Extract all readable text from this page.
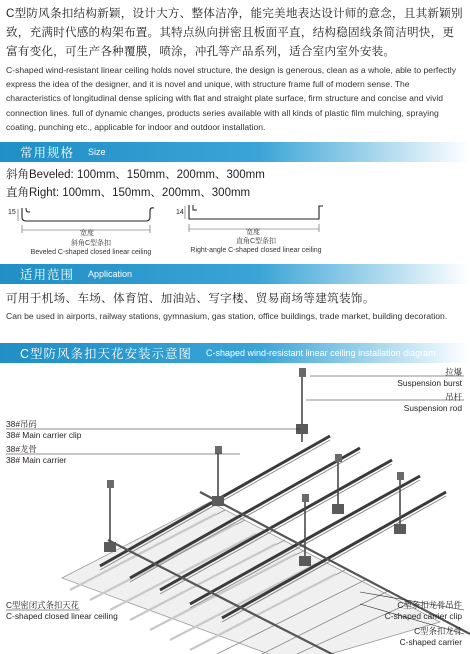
C型防风条扣结构新颖，设计大方、整体洁净，能完美地表达设计师的意念，且其新颖别致，充满时代感的构架布置。其特点纵向拼密且板面平直，结构稳固线条简洁明快，更富有变化，可生产各种覆膜，喷涂，冲孔等产品系列，适合室内室外安装。
C-shaped wind-resistant linear ceiling holds novel structure, the design is generous, clean as a whole, able to perfectly express the idea of the designer, and it is novel and unique, with structure frame full of modern sense. The characteristics of longitudinal dense splicing with flat and straight plate surface, firm structure and concise and vivid connection lines. full of dynamic changes, products series available with all kinds of plastic film mulching, spraying coating, punching etc., applicable for indoor and outdoor installation.
常用规格 Size
斜角Beveled: 100mm、150mm、200mm、300mm
直角Right: 100mm、150mm、200mm、300mm
15
宽度
斜角C型条扣
Beveled C-shaped closed linear ceiling
14
宽度
直角C型条扣
Right-angle C-shaped closed linear ceiling
适用范围 Application
可用于机场、车场、体育馆、加油站、写字楼、贸易商场等建筑装饰。
Can be used in airports, railway stations, gymnasium, gas station, office buildings, trade market, building decoration.
C型防风条扣天花安装示意图 C-shaped wind-resistant linear ceiling installation diagram
拉爆
Suspension burst
吊杆
Suspension rod
38#吊码
38# Main carrier clip
38#龙骨
38# Main carrier
C型密闭式条扣天花
C-shaped closed linear ceiling
C型条扣龙骨吊件
C-shaped carrier clip
C型条扣龙骨
C-shaped carrier
